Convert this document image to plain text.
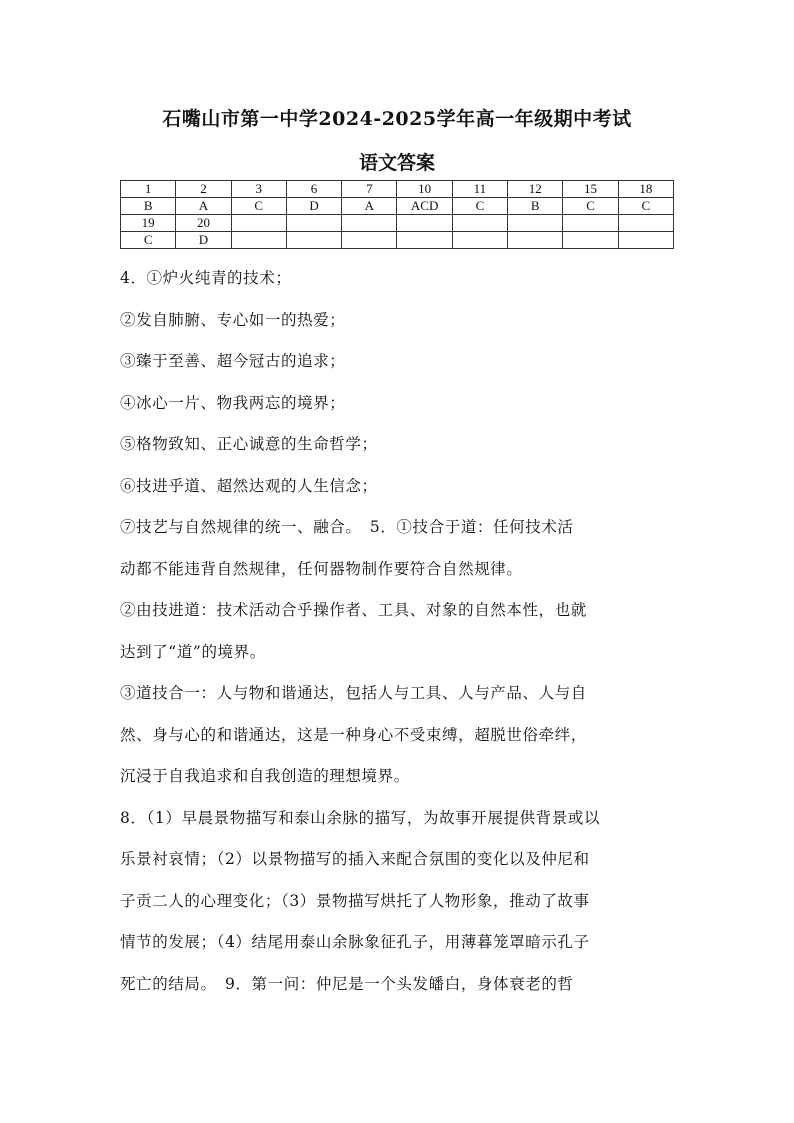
石嘴山市第一中学2024-2025学年高一年级期中考试
语文答案
1	2	3	6	7	10	11	12	15	18
B	A	C	D	A	ACD	C	B	C	C
19	20								
C	D								

4．①炉火纯青的技术；

②发自肺腑、专心如一的热爱；

③臻于至善、超今冠古的追求；

④冰心一片、物我两忘的境界；

⑤格物致知、正心诚意的生命哲学；

⑥技进乎道、超然达观的人生信念；

⑦技艺与自然规律的统一、融合。　5．①技合于道：任何技术活

动都不能违背自然规律，任何器物制作要符合自然规律。

②由技进道：技术活动合乎操作者、工具、对象的自然本性，也就

达到了“道”的境界。

③道技合一：人与物和谐通达，包括人与工具、人与产品、人与自

然、身与心的和谐通达，这是一种身心不受束缚，超脱世俗牵绊，

沉浸于自我追求和自我创造的理想境界。

8．（1）早晨景物描写和泰山余脉的描写，为故事开展提供背景或以

乐景衬哀情；（2）以景物描写的插入来配合氛围的变化以及仲尼和

子贡二人的心理变化；（3）景物描写烘托了人物形象，推动了故事

情节的发展；（4）结尾用泰山余脉象征孔子，用薄暮笼罩暗示孔子

死亡的结局。　9．第一问：仲尼是一个头发皤白，身体衰老的哲
